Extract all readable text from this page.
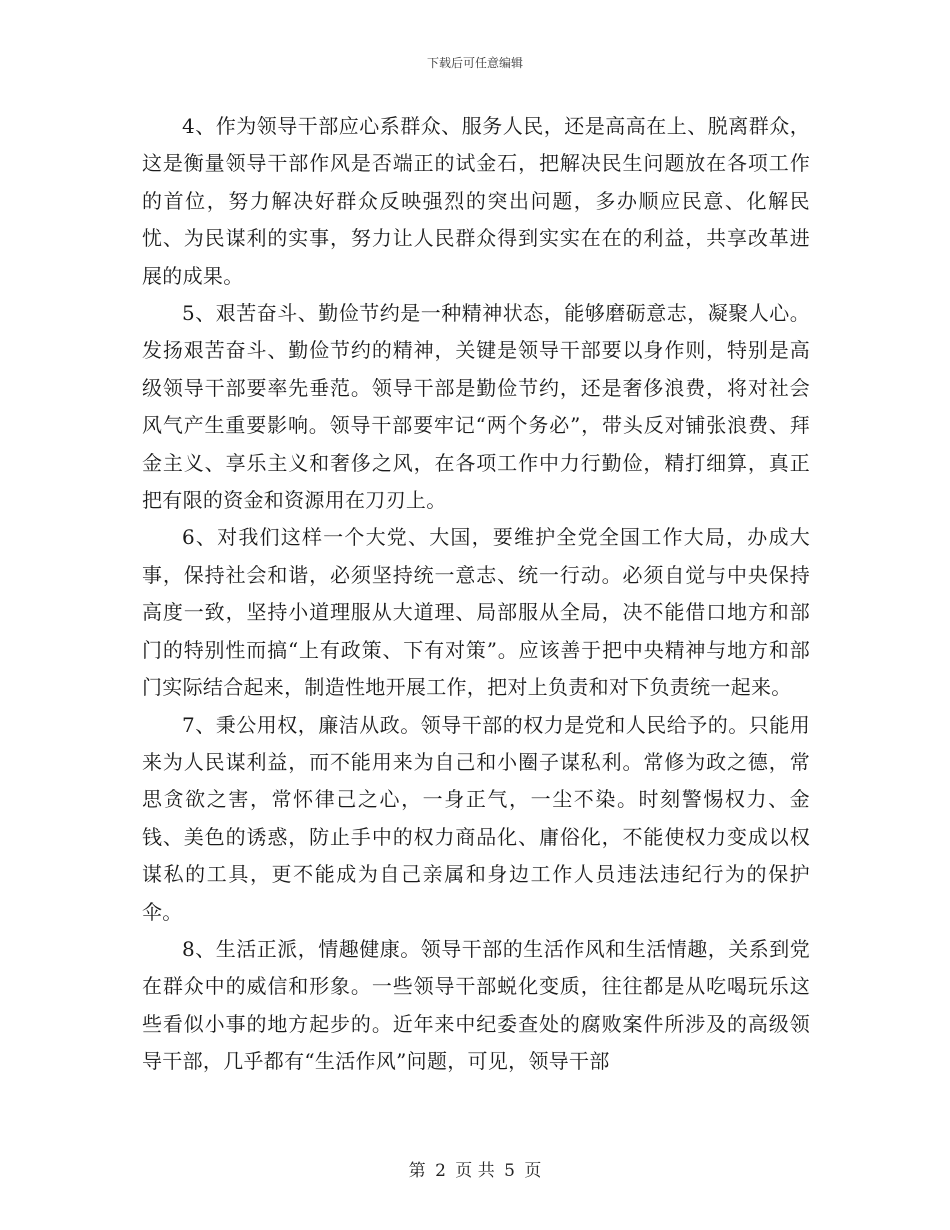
下载后可任意编辑

4、作为领导干部应心系群众、服务人民，还是高高在上、脱离群众，这是衡量领导干部作风是否端正的试金石，把解决民生问题放在各项工作的首位，努力解决好群众反映强烈的突出问题，多办顺应民意、化解民忧、为民谋利的实事，努力让人民群众得到实实在在的利益，共享改革进展的成果。

5、艰苦奋斗、勤俭节约是一种精神状态，能够磨砺意志，凝聚人心。发扬艰苦奋斗、勤俭节约的精神，关键是领导干部要以身作则，特别是高级领导干部要率先垂范。领导干部是勤俭节约，还是奢侈浪费，将对社会风气产生重要影响。领导干部要牢记“两个务必”，带头反对铺张浪费、拜金主义、享乐主义和奢侈之风，在各项工作中力行勤俭，精打细算，真正把有限的资金和资源用在刀刃上。

6、对我们这样一个大党、大国，要维护全党全国工作大局，办成大事，保持社会和谐，必须坚持统一意志、统一行动。必须自觉与中央保持高度一致，坚持小道理服从大道理、局部服从全局，决不能借口地方和部门的特别性而搞“上有政策、下有对策”。应该善于把中央精神与地方和部门实际结合起来，制造性地开展工作，把对上负责和对下负责统一起来。

7、秉公用权，廉洁从政。领导干部的权力是党和人民给予的。只能用来为人民谋利益，而不能用来为自己和小圈子谋私利。常修为政之德，常思贪欲之害，常怀律己之心，一身正气，一尘不染。时刻警惕权力、金钱、美色的诱惑，防止手中的权力商品化、庸俗化，不能使权力变成以权谋私的工具，更不能成为自己亲属和身边工作人员违法违纪行为的保护伞。

8、生活正派，情趣健康。领导干部的生活作风和生活情趣，关系到党在群众中的威信和形象。一些领导干部蜕化变质，往往都是从吃喝玩乐这些看似小事的地方起步的。近年来中纪委查处的腐败案件所涉及的高级领导干部，几乎都有“生活作风”问题，可见，领导干部

第 2 页 共 5 页
